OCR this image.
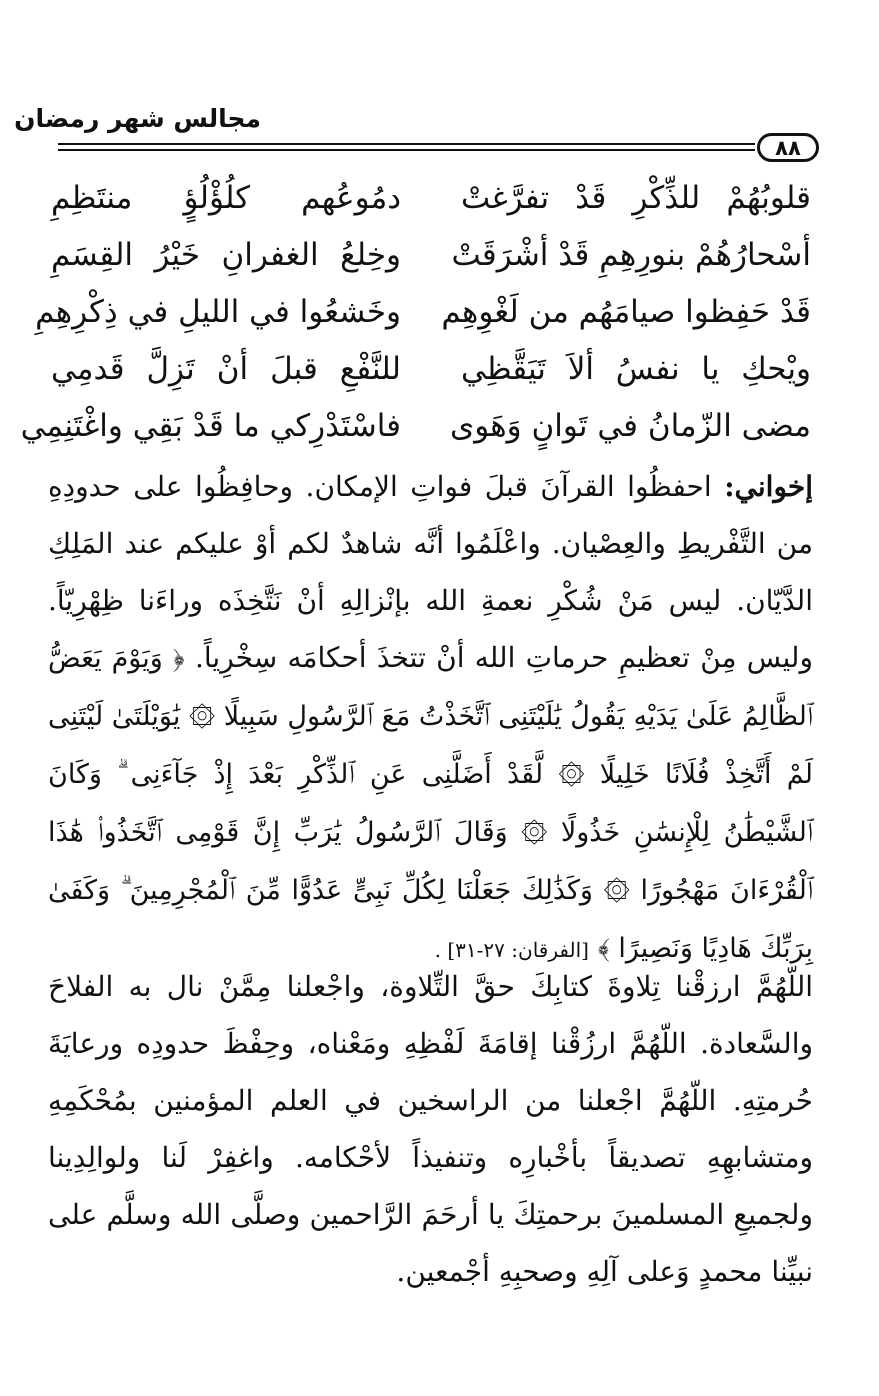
مجالس شهر رمضان
٨٨
قلوبُهُمْ للذِّكْرِ قَدْ تفرَّغتْ
دمُوعُهم كلُؤْلُؤٍ منتَظِمِ
أسْحارُهُمْ بنورِهِمِ قَدْ أشْرَقَتْ
وخِلعُ الغفرانِ خَيْرُ القِسَمِ
قَدْ حَفِظوا صيامَهُم من لَغْوِهِم
وخَشعُوا في الليلِ في ذِكْرِهِمِ
ويْحكِ يا نفسُ ألاَ تَيَقَّظِي
للنَّفْعِ قبلَ أنْ تَزِلَّ قَدمِي
مضى الزّمانُ في تَوانٍ وَهَوى
فاسْتَدْرِكي ما قَدْ بَقِي واغْتَنِمِي
إخواني: احفظُوا القرآنَ قبلَ فواتِ الإمكان. وحافِظُوا على حدودِهِ من التَّفْريطِ والعِصْيان. واعْلَمُوا أنَّه شاهدٌ لكم أوْ عليكم عند المَلِكِ الدَّيّان. ليس مَنْ شُكْرِ نعمةِ الله بإنْزالِهِ أنْ نَتَّخِذَه وراءَنا ظِهْرِيّاً. وليس مِنْ تعظيمِ حرماتِ الله أنْ تتخذَ أحكامَه سِخْرِياً. ﴿ وَيَوْمَ يَعَضُّ ٱلظَّالِمُ عَلَىٰ يَدَيْهِ يَقُولُ يَٰلَيْتَنِى ٱتَّخَذْتُ مَعَ ٱلرَّسُولِ سَبِيلًا ۞ يَٰوَيْلَتَىٰ لَيْتَنِى لَمْ أَتَّخِذْ فُلَانًا خَلِيلًا ۞ لَّقَدْ أَضَلَّنِى عَنِ ٱلذِّكْرِ بَعْدَ إِذْ جَآءَنِى ۗ وَكَانَ ٱلشَّيْطَٰنُ لِلْإِنسَٰنِ خَذُولًا ۞ وَقَالَ ٱلرَّسُولُ يَٰرَبِّ إِنَّ قَوْمِى ٱتَّخَذُوا۟ هَٰذَا ٱلْقُرْءَانَ مَهْجُورًا ۞ وَكَذَٰلِكَ جَعَلْنَا لِكُلِّ نَبِىٍّ عَدُوًّا مِّنَ ٱلْمُجْرِمِينَ ۗ وَكَفَىٰ بِرَبِّكَ هَادِيًا وَنَصِيرًا ﴾ [الفرقان: ٢٧-٣١] .
اللّهُمَّ ارزقْنا تِلاوةَ كتابِكَ حقَّ التِّلاوة، واجْعلنا مِمَّنْ نال به الفلاحَ والسَّعادة. اللّهُمَّ ارزُقْنا إقامَةَ لَفْظِهِ ومَعْناه، وحِفْظَ حدودِه ورعايَةَ حُرمتِهِ. اللّهُمَّ اجْعلنا من الراسخين في العلم المؤمنين بمُحْكَمِهِ ومتشابهِهِ تصديقاً بأخْبارِه وتنفيذاً لأحْكامه. واغفِرْ لَنا ولوالِدِينا ولجميعِ المسلمينَ برحمتِكَ يا أرحَمَ الرَّاحمين وصلَّى الله وسلَّم على نبيِّنا محمدٍ وَعلى آلِهِ وصحبِهِ أجْمعين.
